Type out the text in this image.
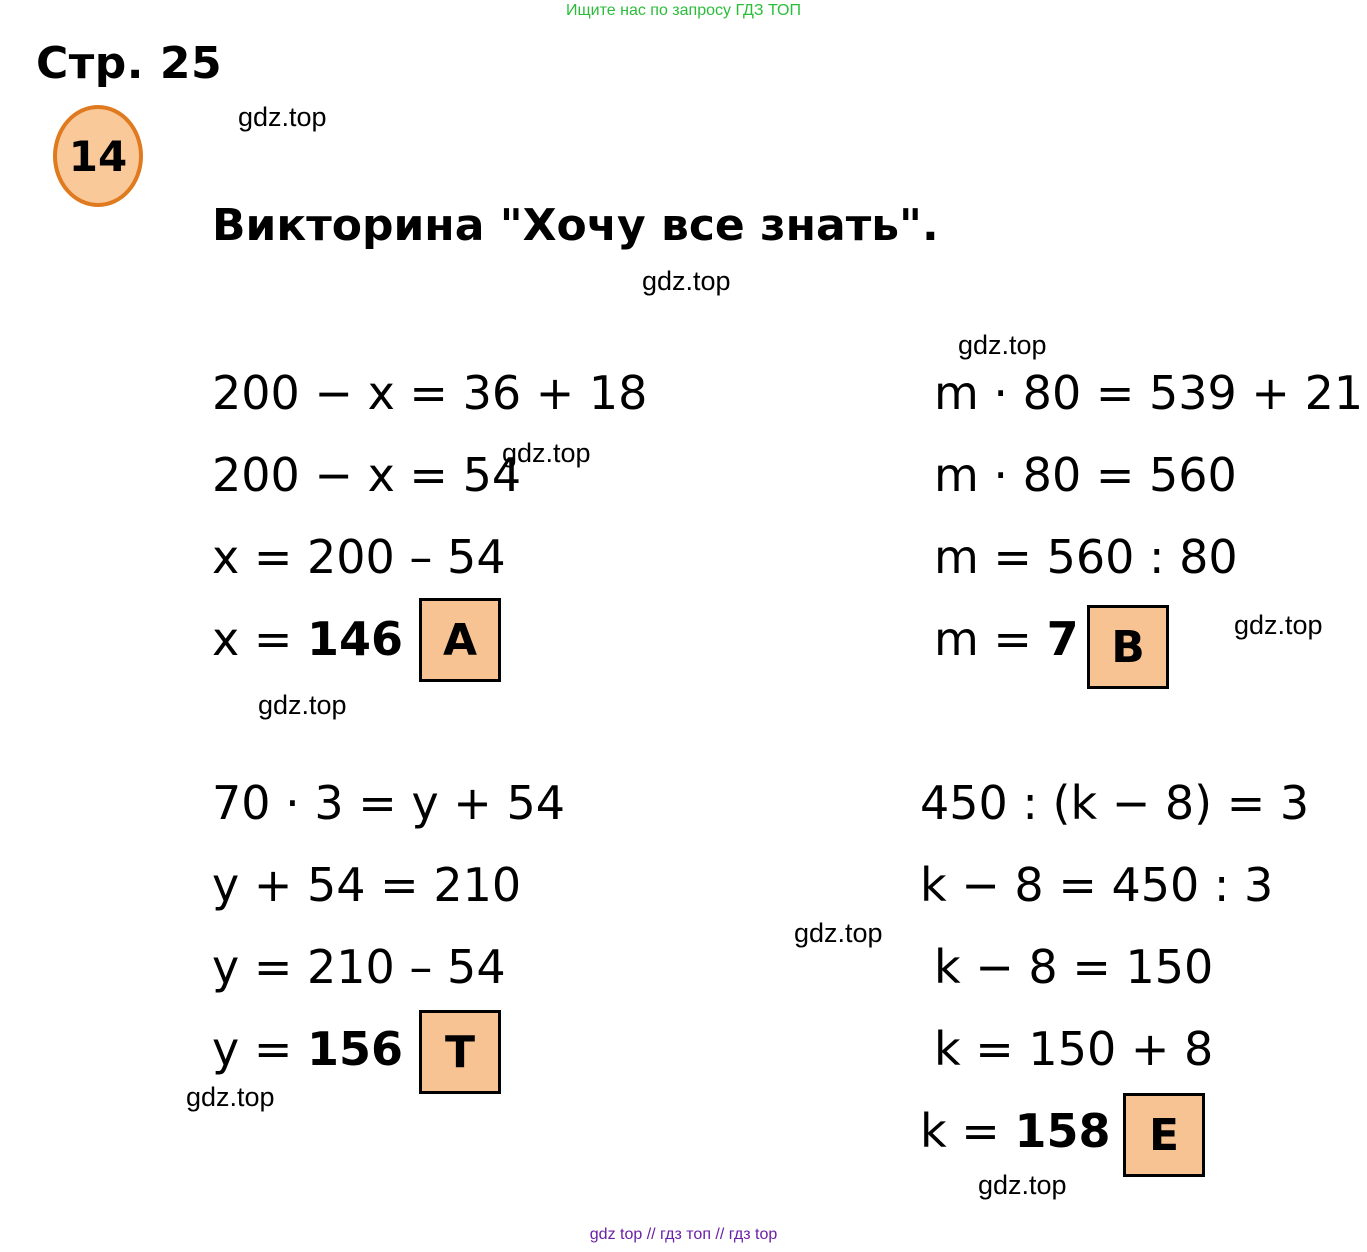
Ищите нас по запросу ГДЗ ТОП
Стр. 25
14
Викторина "Хочу все знать".
gdz.top
gdz.top
gdz.top
gdz.top
gdz.top
gdz.top
gdz.top
gdz.top
gdz.top
200 − x = 36 + 18
200 − x = 54
x = 200 – 54
x = 146 А
m · 80 = 539 + 21
m · 80 = 560
m = 560 : 80
m = 7 В
70 · 3 = y + 54
y + 54 = 210
y = 210 – 54
y = 156 Т
450 : (k − 8) = 3
k − 8 = 450 : 3
k − 8 = 150
k = 150 + 8
k = 158 Е
gdz top // гдз топ // гдз top
